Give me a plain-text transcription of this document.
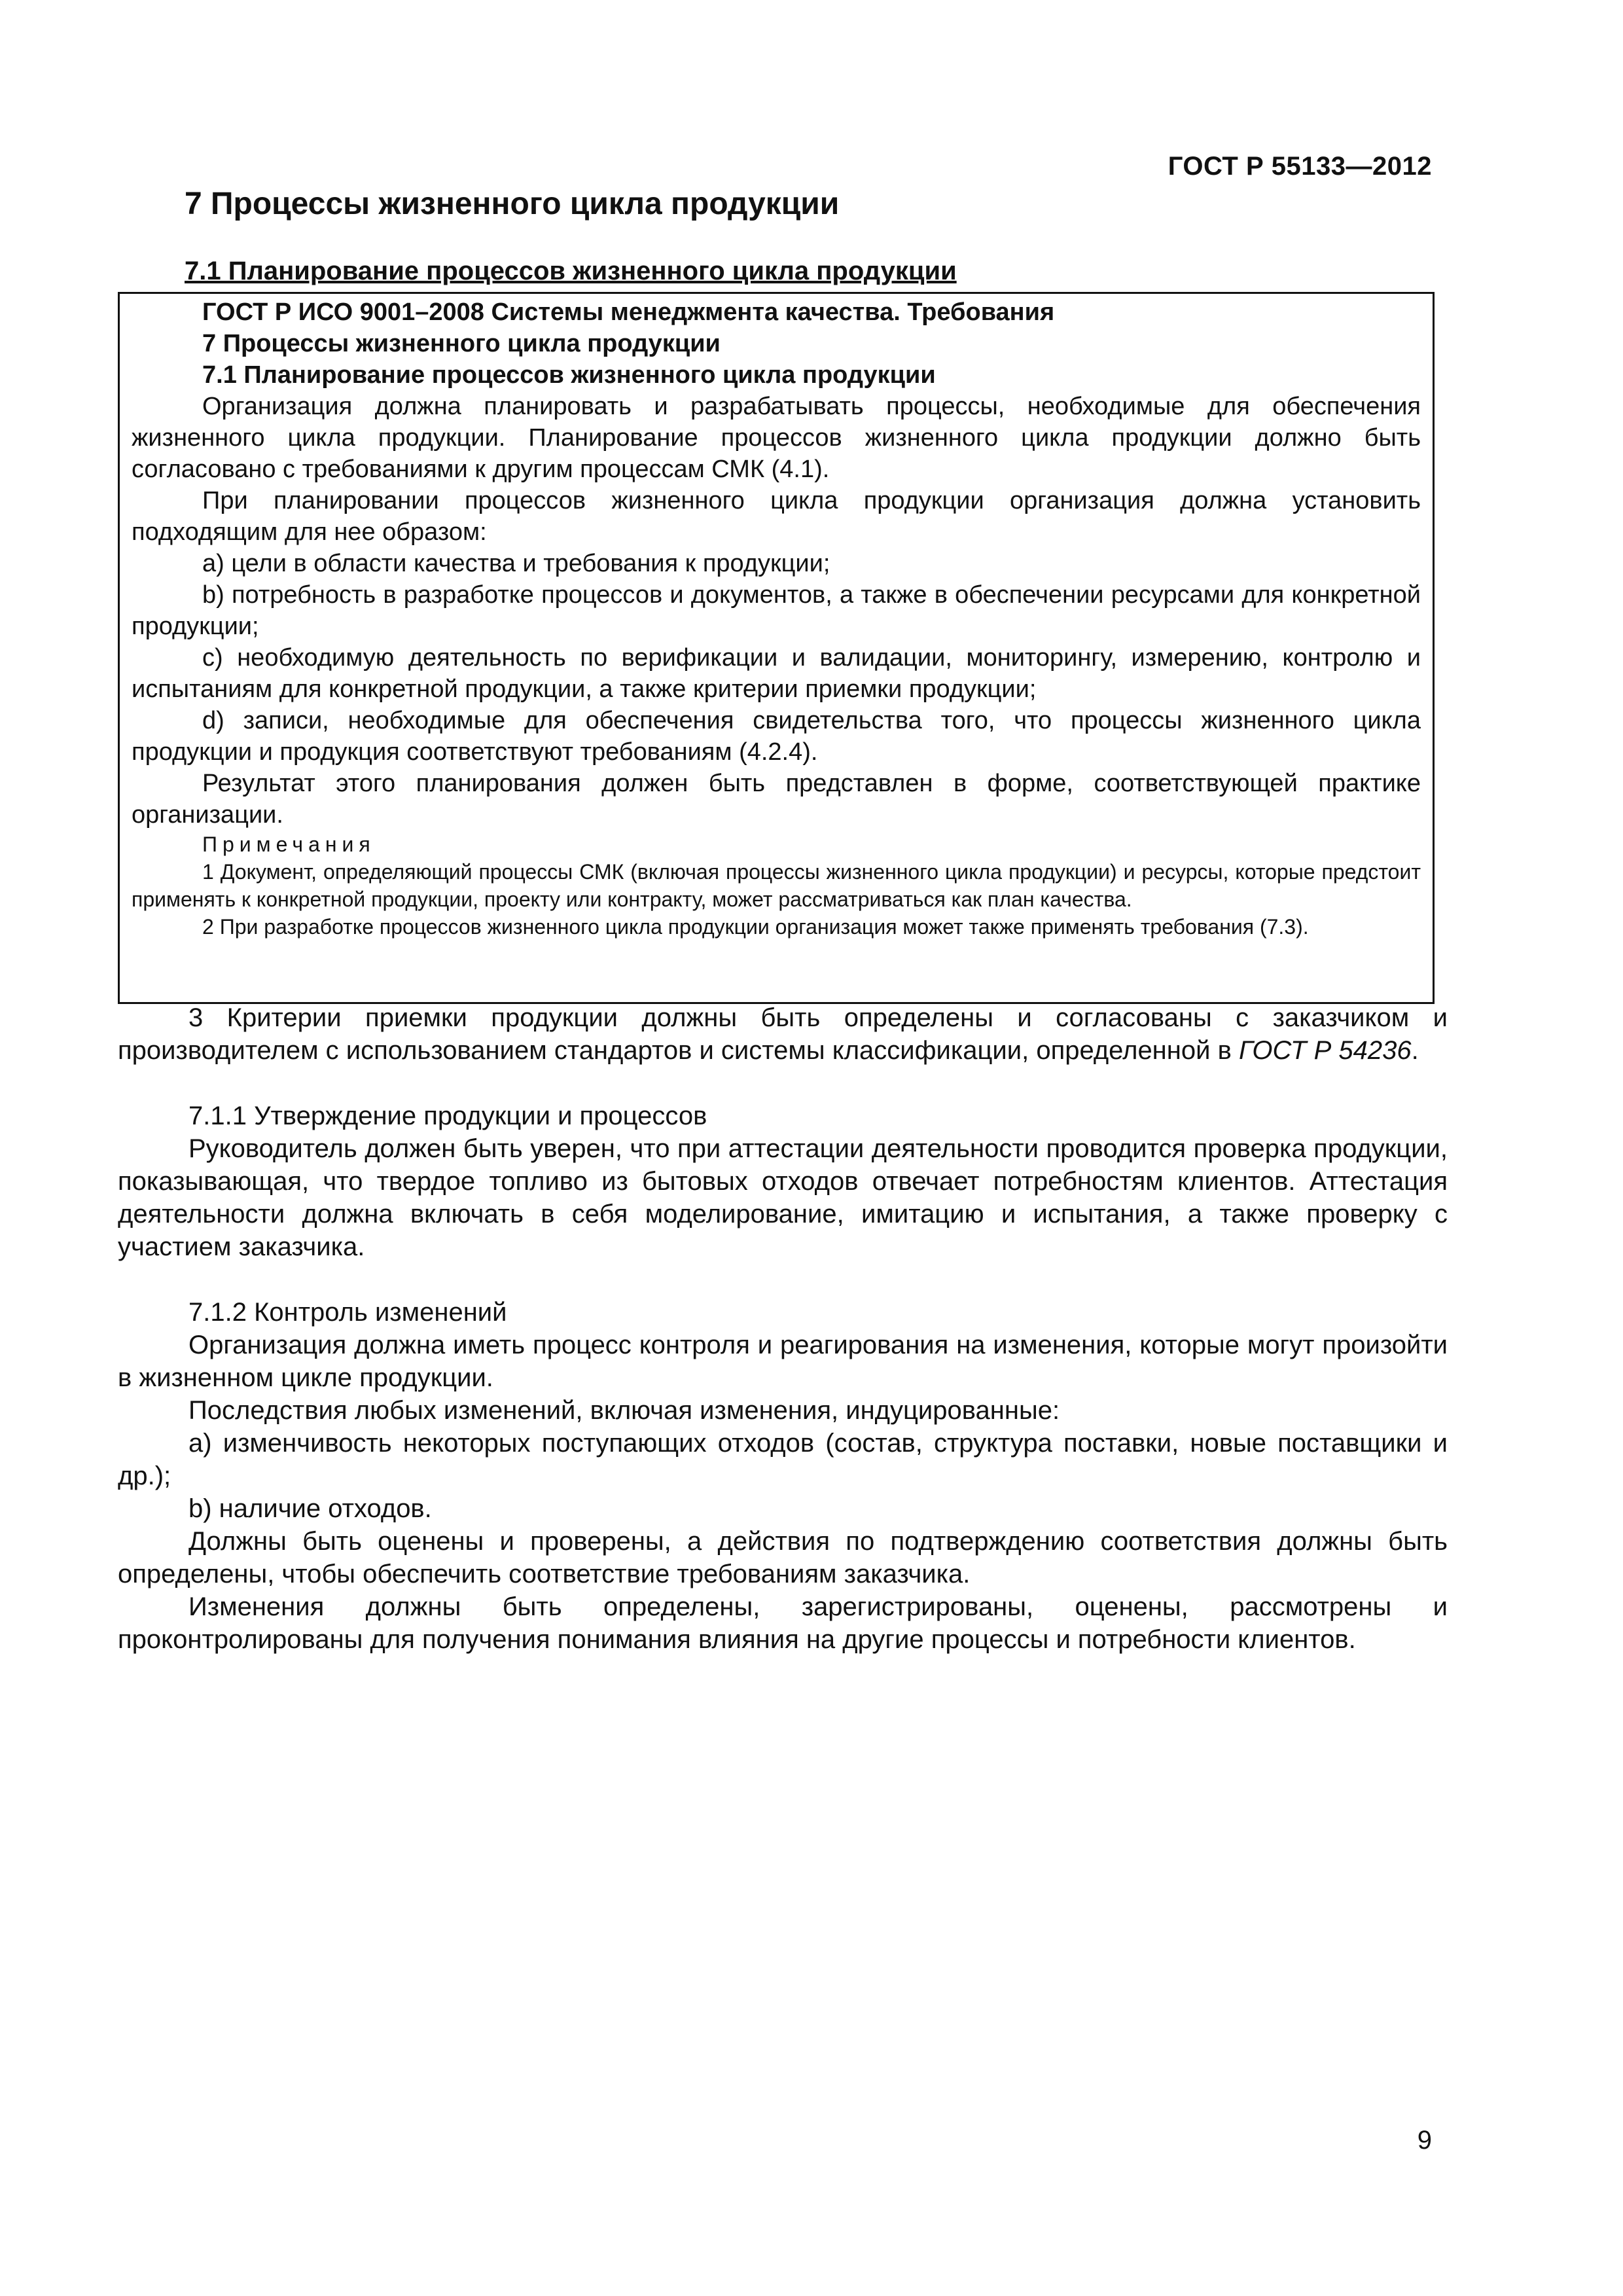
ГОСТ Р 55133—2012
7 Процессы жизненного цикла продукции
7.1 Планирование процессов жизненного цикла продукции

ГОСТ Р ИСО 9001–2008 Системы менеджмента качества. Требования

7 Процессы жизненного цикла продукции

7.1 Планирование процессов жизненного цикла продукции

Организация должна планировать и разрабатывать процессы, необходимые для обеспечения жизненного цикла продукции. Планирование процессов жизненного цикла продукции должно быть согласовано с требованиями к другим процессам СМК (4.1).

При планировании процессов жизненного цикла продукции организация должна установить подходящим для нее образом:

a) цели в области качества и требования к продукции;

b) потребность в разработке процессов и документов, а также в обеспечении ресурсами для конкретной продукции;

c) необходимую деятельность по верификации и валидации, мониторингу, измерению, контролю и испытаниям для конкретной продукции, а также критерии приемки продукции;

d) записи, необходимые для обеспечения свидетельства того, что процессы жизненного цикла продукции и продукция соответствуют требованиям (4.2.4).

Результат этого планирования должен быть представлен в форме, соответствующей практике организации.

Примечания

1 Документ, определяющий процессы СМК (включая процессы жизненного цикла продукции) и ресурсы, которые предстоит применять к конкретной продукции, проекту или контракту, может рассматриваться как план качества.

2 При разработке процессов жизненного цикла продукции организация может также применять требования (7.3).

3 Критерии приемки продукции должны быть определены и согласованы с заказчиком и производителем с использованием стандартов и системы классификации, определенной в ГОСТ Р 54236.

7.1.1 Утверждение продукции и процессов

Руководитель должен быть уверен, что при аттестации деятельности проводится проверка продукции, показывающая, что твердое топливо из бытовых отходов отвечает потребностям клиентов. Аттестация деятельности должна включать в себя моделирование, имитацию и испытания, а также проверку с участием заказчика.

7.1.2 Контроль изменений

Организация должна иметь процесс контроля и реагирования на изменения, которые могут произойти в жизненном цикле продукции.

Последствия любых изменений, включая изменения, индуцированные:

a) изменчивость некоторых поступающих отходов (состав, структура поставки, новые поставщики и др.);

b) наличие отходов.

Должны быть оценены и проверены, а действия по подтверждению соответствия должны быть определены, чтобы обеспечить соответствие требованиям заказчика.

Изменения должны быть определены, зарегистрированы, оценены, рассмотрены и проконтролированы для получения понимания влияния на другие процессы и потребности клиентов.

9
